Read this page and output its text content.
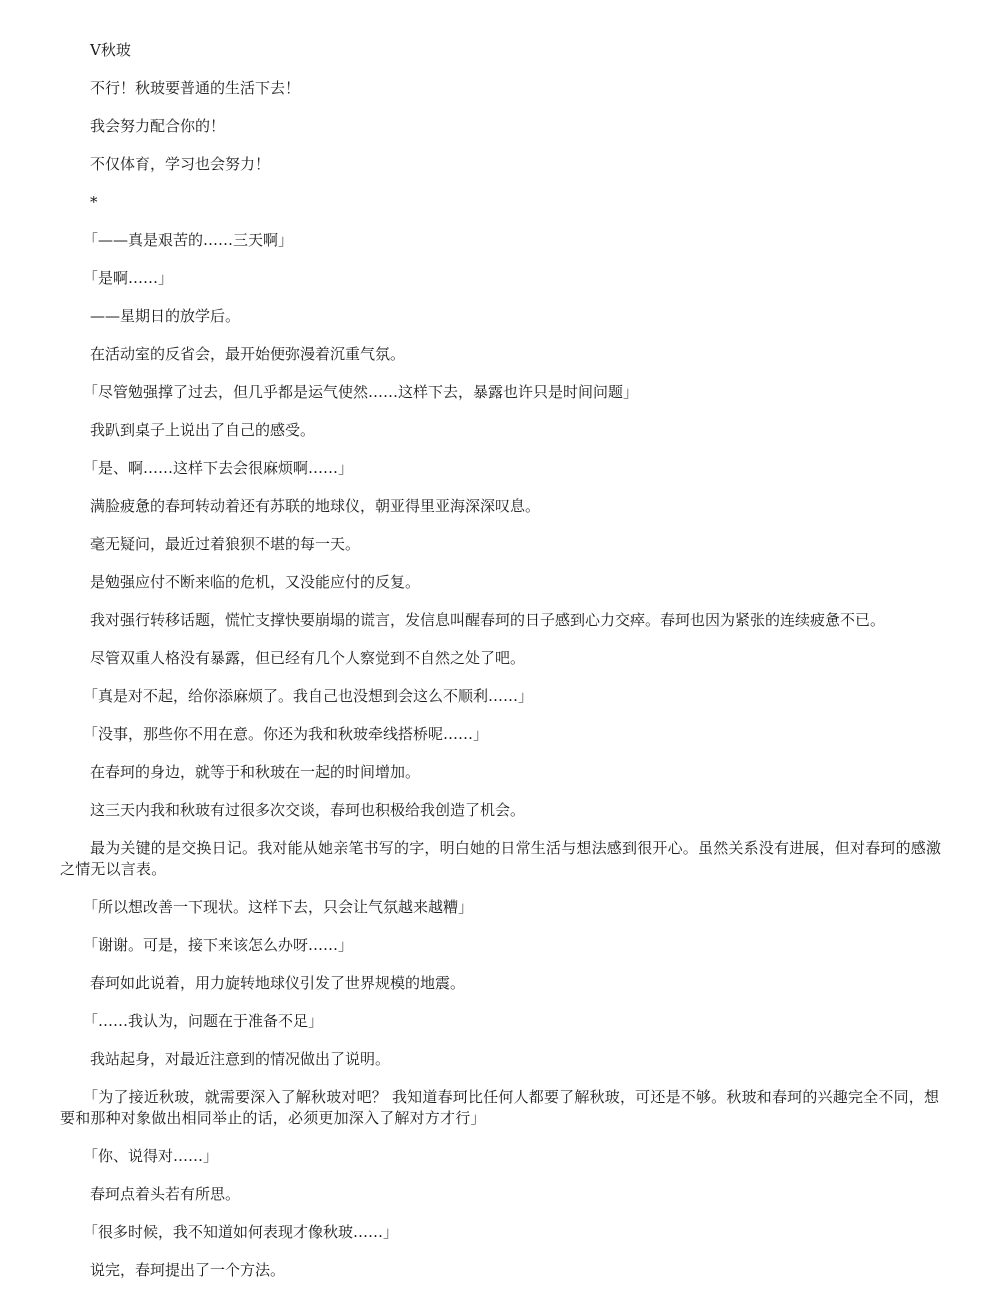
V秋玻

不行！秋玻要普通的生活下去！

我会努力配合你的！

不仅体育，学习也会努力！

*

「——真是艰苦的……三天啊」

「是啊……」

——星期日的放学后。

在活动室的反省会，最开始便弥漫着沉重气氛。

「尽管勉强撑了过去，但几乎都是运气使然……这样下去，暴露也许只是时间问题」

我趴到桌子上说出了自己的感受。

「是、啊……这样下去会很麻烦啊……」

满脸疲惫的春珂转动着还有苏联的地球仪，朝亚得里亚海深深叹息。

毫无疑问，最近过着狼狈不堪的每一天。

是勉强应付不断来临的危机，又没能应付的反复。

我对强行转移话题，慌忙支撑快要崩塌的谎言，发信息叫醒春珂的日子感到心力交瘁。春珂也因为紧张的连续疲惫不已。

尽管双重人格没有暴露，但已经有几个人察觉到不自然之处了吧。

「真是对不起，给你添麻烦了。我自己也没想到会这么不顺利……」

「没事，那些你不用在意。你还为我和秋玻牵线搭桥呢……」

在春珂的身边，就等于和秋玻在一起的时间增加。

这三天内我和秋玻有过很多次交谈，春珂也积极给我创造了机会。

最为关键的是交换日记。我对能从她亲笔书写的字，明白她的日常生活与想法感到很开心。虽然关系没有进展，但对春珂的感激之情无以言表。

「所以想改善一下现状。这样下去，只会让气氛越来越糟」

「谢谢。可是，接下来该怎么办呀……」

春珂如此说着，用力旋转地球仪引发了世界规模的地震。

「……我认为，问题在于准备不足」

我站起身，对最近注意到的情况做出了说明。

「为了接近秋玻，就需要深入了解秋玻对吧？ 我知道春珂比任何人都要了解秋玻，可还是不够。秋玻和春珂的兴趣完全不同，想要和那种对象做出相同举止的话，必须更加深入了解对方才行」

「你、说得对……」

春珂点着头若有所思。

「很多时候，我不知道如何表现才像秋玻……」

说完，春珂提出了一个方法。
